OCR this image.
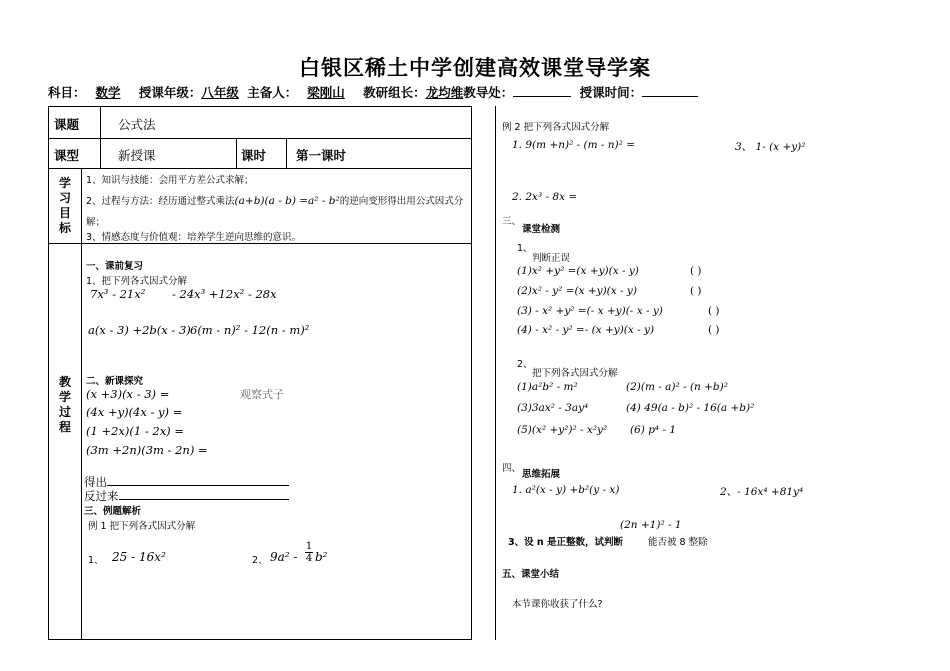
白银区稀土中学创建高效课堂导学案
科目： 数学 授课年级：八年级 主备人： 梁刚山 教研组长：龙均维教导处：	授课时间：
课题	公式法
课型	新授课	课时 第一课时
学习目标
1、知识与技能：会用平方差公式求解；
2、过程与方法：经历通过整式乘法(a+b)(a - b) =a² - b²的逆向变形得出用公式因式分
解；
3、情感态度与价值观：培养学生逆向思维的意识。
教学过程
一、课前复习
1、把下列各式因式分解
7x³ - 21x² - 24x³ +12x² - 28x
a(x - 3) +2b(x - 3) 6(m - n)² - 12(n - m)²
二、新课探究
(x +3)(x - 3) =	观察式子
(4x +y)(4x - y) =
(1 +2x)(1 - 2x) =
(3m +2n)(3m - 2n) =
得出
反过来
三、例题解析
例 1 把下列各式因式分解
1、 25 - 16x²	2、 9a² -
1
4 b²
例 2 把下列各式因式分解
1. 9(m +n)² - (m - n)² =	3、 1- (x +y)²
2. 2x³ - 8x =
三、
课堂检测
1、
判断正误
(1)x² +y² =(x +y)(x - y)	( )
(2)x² - y² =(x +y)(x - y)	( )
(3) - x² +y² =(- x +y)(- x - y)	( )
(4) - x² - y² =- (x +y)(x - y)	( )
2、
把下列各式因式分解
(1)a²b² - m²	(2)(m - a)² - (n +b)²
(3)3ax² - 3ay⁴	(4) 49(a - b)² - 16(a +b)²
(5)(x² +y²)² - x²y² (6) p⁴ - 1
四、
思维拓展
1. a²(x - y) +b²(y - x)	2、- 16x⁴ +81y⁴
(2n +1)² - 1
3、设 n 是正整数，试判断	能否被 8 整除
五、课堂小结
本节课你收获了什么?
